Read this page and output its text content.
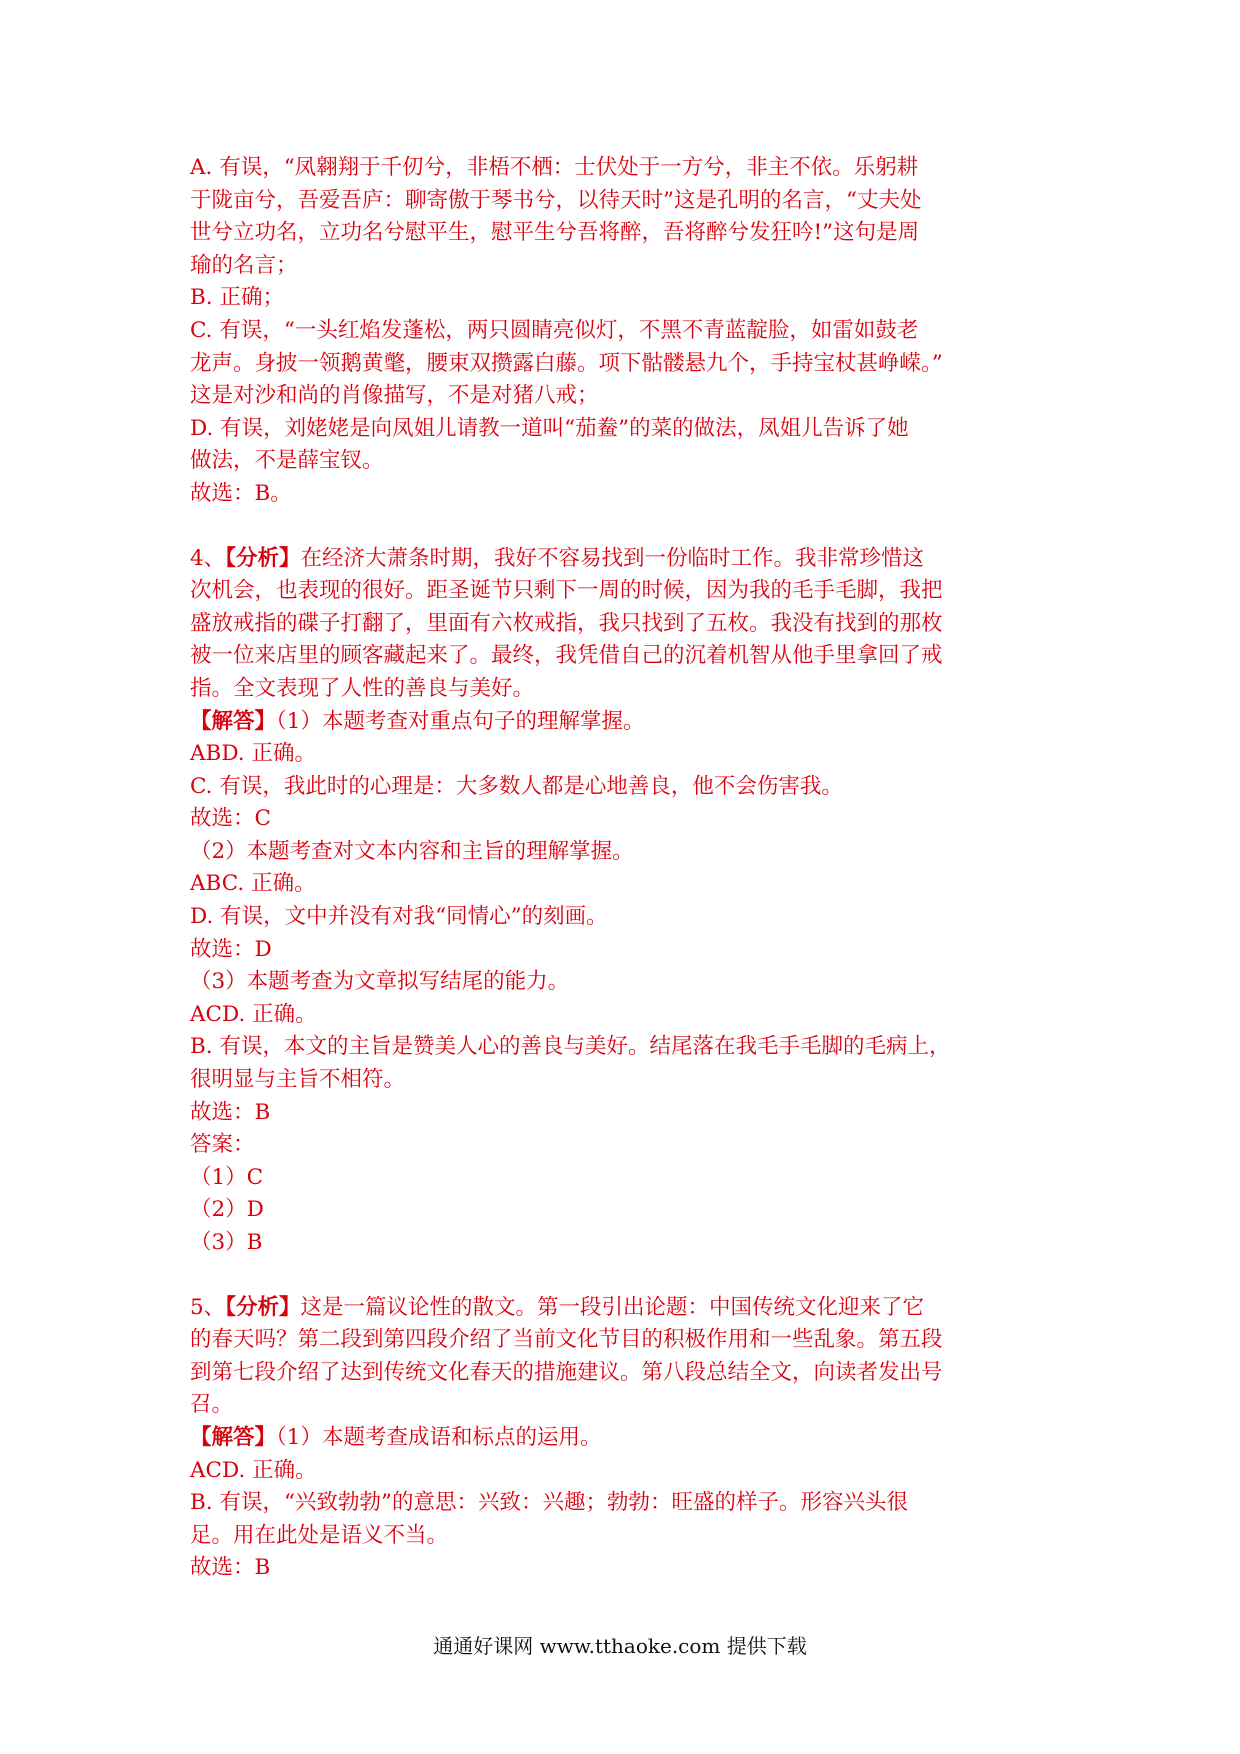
A. 有误，“凤翱翔于千仞兮，非梧不栖：士伏处于一方兮，非主不依。乐躬耕
于陇亩兮，吾爱吾庐：聊寄傲于琴书兮，以待天时”这是孔明的名言，“丈夫处
世兮立功名，立功名兮慰平生，慰平生兮吾将醉，吾将醉兮发狂吟!”这句是周
瑜的名言；
B. 正确；
C. 有误，“一头红焰发蓬松，两只圆睛亮似灯，不黑不青蓝靛脸，如雷如鼓老
龙声。身披一领鹅黄氅，腰束双攒露白藤。项下骷髅悬九个，手持宝杖甚峥嵘。”
这是对沙和尚的肖像描写，不是对猪八戒；
D. 有误，刘姥姥是向凤姐儿请教一道叫“茄鲞”的菜的做法，凤姐儿告诉了她
做法，不是薛宝钗。
故选：B。
4、【分析】在经济大萧条时期，我好不容易找到一份临时工作。我非常珍惜这
次机会，也表现的很好。距圣诞节只剩下一周的时候，因为我的毛手毛脚，我把
盛放戒指的碟子打翻了，里面有六枚戒指，我只找到了五枚。我没有找到的那枚
被一位来店里的顾客藏起来了。最终，我凭借自己的沉着机智从他手里拿回了戒
指。全文表现了人性的善良与美好。
【解答】（1）本题考查对重点句子的理解掌握。
ABD. 正确。
C. 有误，我此时的心理是：大多数人都是心地善良，他不会伤害我。
故选：C
（2）本题考查对文本内容和主旨的理解掌握。
ABC. 正确。
D. 有误，文中并没有对我“同情心”的刻画。
故选：D
（3）本题考查为文章拟写结尾的能力。
ACD. 正确。
B. 有误，本文的主旨是赞美人心的善良与美好。结尾落在我毛手毛脚的毛病上，
很明显与主旨不相符。
故选：B
答案：
（1）C
（2）D
（3）B
5、【分析】这是一篇议论性的散文。第一段引出论题：中国传统文化迎来了它
的春天吗？第二段到第四段介绍了当前文化节目的积极作用和一些乱象。第五段
到第七段介绍了达到传统文化春天的措施建议。第八段总结全文，向读者发出号
召。
【解答】（1）本题考查成语和标点的运用。
ACD. 正确。
B. 有误，“兴致勃勃”的意思：兴致：兴趣；勃勃：旺盛的样子。形容兴头很
足。用在此处是语义不当。
故选：B
通通好课网 www.tthaoke.com 提供下载
